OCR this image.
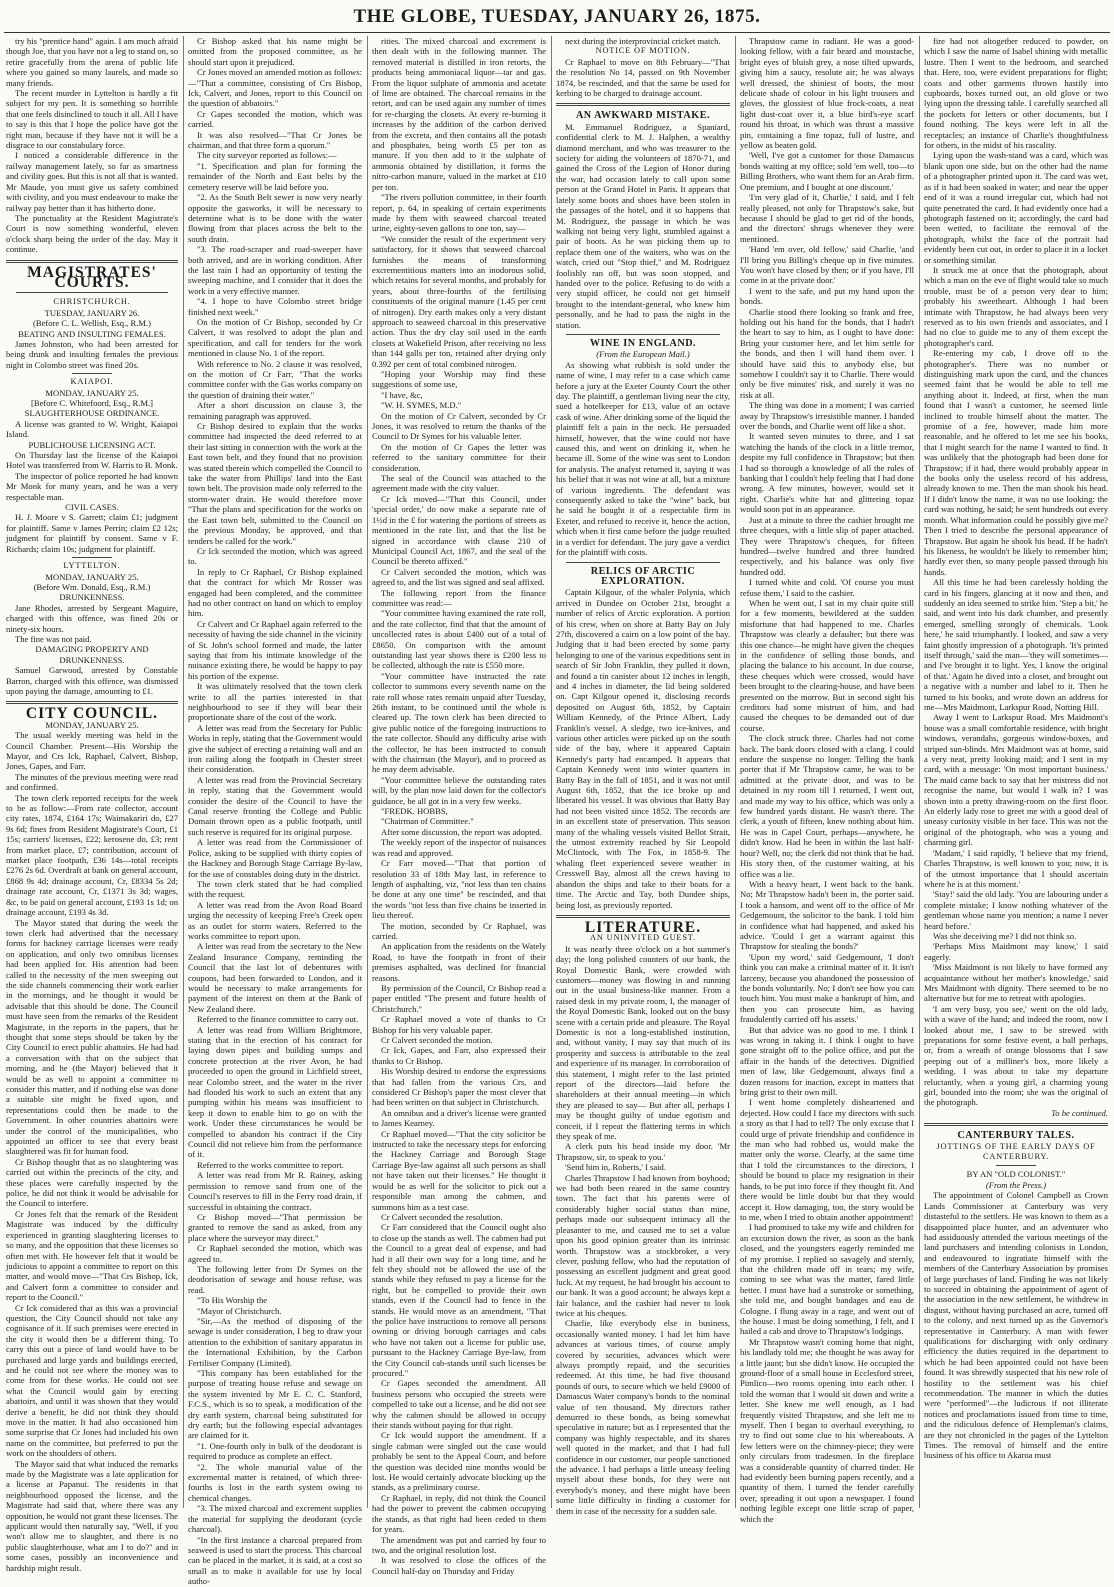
THE GLOBE, TUESDAY, JANUARY 26, 1875.

try his "prentice hand" again. I am much afraid though Joe, that you have not a leg to stand on, so retire gracefully from the arena of public life where you gained so many laurels, and made so many friends.

The recent murder in Lyttelton is hardly a fit subject for my pen. It is something so horrible that one feels disinclined to touch it all. All I have to say is this that I hope the police have got the right man, because if they have not it will be a disgrace to our constabulary force.

I noticed a considerable difference in the railway management lately, so far as smartness and civility goes. But this is not all that is wanted. Mr Maude, you must give us safety combined with civility, and you must endeavour to make the railway pay better than it has hitherto done.

The punctuality at the Resident Magistrate's Court is now something wonderful, eleven o'clock sharp being the order of the day. May it continue.

MAGISTRATES' COURTS.

CHRISTCHURCH.

TUESDAY, JANUARY 26.

(Before C. L. Wellish, Esq., R.M.)

BEATING AND INSULTING FEMALES.

James Johnston, who had been arrested for being drunk and insulting females the previous night in Colombo street was fined 20s.

KAIAPOI.

MONDAY, JANUARY 25.

[Before C. Whitefoord, Esq., R.M.]

SLAUGHTERHOUSE ORDINANCE.

A license was granted to W. Wright, Kaiapoi Island.

PUBLICHOUSE LICENSING ACT.

On Thursday last the license of the Kaiapoi Hotel was transferred from W. Harris to B. Monk.

The inspector of police reported he had known Mr Monk for many years, and he was a very respectable man.

CIVIL CASES.

H. J. Moore v S. Garrett; claim £1; judgment for plaintiff. Same v James Perrin; claim £2 12s; judgment for plaintiff by consent. Same v F. Richards; claim 10s; judgment for plaintiff.

LYTTELTON.

MONDAY, JANUARY 25.

(Before Wm. Donald, Esq., R.M.)

DRUNKENNESS.

Jane Rhodes, arrested by Sergeant Maguire, charged with this offence, was fined 20s or ninety-six hours.

The fine was not paid.

DAMAGING PROPERTY AND DRUNKENNESS.

Samuel Garwood, arrested by Constable Barron, charged with this offence, was dismissed upon paying the damage, amounting to £1.

CITY COUNCIL.

MONDAY, JANUARY 25.

The usual weekly meeting was held in the Council Chamber. Present—His Worship the Mayor, and Crs Ick, Raphael, Calvert, Bishop, Jones, Gapes, and Farr.

The minutes of the previous meeting were read and confirmed.

The town clerk reported receipts for the week to be as follow:—From rate collector, account city rates, 1874, £164 17s; Waimakariri do, £27 9s 6d; fines from Resident Magistrate's Court, £1 15s; carriers' licenses, £22; kerosene do, £3; rent from market place, £7; contribution, account of market place footpath, £36 14s—total receipts £276 2s 6d. Overdraft at bank on general account, £868 9s 4d; drainage account, Cr, £8334 5s 2d; drainage rate account, Cr, £1371 3s 3d; wages, &c, to be paid on general account, £193 1s 1d; on drainage account, £193 4s 3d.

The Mayor stated that during the week the town clerk had advertised that the necessary forms for hackney carriage licenses were ready on application, and only two omnibus licenses had been applied for. His attention had been called to the necessity of the men sweeping out the side channels commencing their work earlier in the mornings, and he thought it would be advisable that this should be done. The Council must have seen from the remarks of the Resident Magistrate, in the reports in the papers, that he thought that some steps should be taken by the City Council to erect public abattoirs. He had had a conversation with that on the subject that morning, and he (the Mayor) believed that it would be as well to appoint a committee to consider this matter, and if nothing else was done a suitable site might be fixed upon, and representations could then be made to the Government. In other countries abattoirs were under the control of the municipalities, who appointed an officer to see that every beast slaughtered was fit for human food.

Cr Bishop thought that as no slaughtering was carried out within the precincts of the city, and these places were carefully inspected by the police, he did not think it would be advisable for the Council to interfere.

Cr Jones felt that the remark of the Resident Magistrate was induced by the difficulty experienced in granting slaughtering licenses to so many, and the opposition that these licenses so often met with. He however felt that it would be judicious to appoint a committee to report on this matter, and would move—"That Crs Bishop, Ick, and Calvert form a committee to consider and report to the Council."

Cr Ick considered that as this was a provincial question, the City Council should not take any cognisance of it. If such premises were erected in the city it would then be a different thing. To carry this out a piece of land would have to be purchased and large yards and buildings erected, and he could not see where the money was to come from for these works. He could not see what the Council would gain by erecting abattoirs, and until it was shown that they would derive a benefit, he did not think they should move in the matter. It had also occasioned him some surprise that Cr Jones had included his own name on the committee, but preferred to put the work on the shoulders of others.

The Mayor said that what induced the remarks made by the Magistrate was a late application for a license at Papanui. The residents in that neighbourhood opposed the license, and the Magistrate had said that, where there was any opposition, he would not grant these licenses. The applicant would then naturally say, "Well, if you won't allow me to slaughter, and there is no public slaughterhouse, what am I to do?" and in some cases, possibly an inconvenience and hardship might result.

Cr Bishop asked that his name might be omitted from the proposed committee, as he should start upon it prejudiced.

Cr Jones moved an amended motion as follows:—"That a committee, consisting of Crs Bishop, Ick, Calvert, and Jones, report to this Council on the question of abbatoirs."

Cr Gapes seconded the motion, which was carried.

It was also resolved—"That Cr Jones be chairman, and that three form a quorum."

The city surveyor reported as follows:—

"1. Specification and plan for forming the remainder of the North and East belts by the cemetery reserve will be laid before you.

"2. As the South Belt sewer is now very nearly opposite the gasworks, it will be necessary to determine what is to be done with the water flowing from that places across the belt to the south drain.

"3. The road-scraper and road-sweeper have both arrived, and are in working condition. After the last rain I had an opportunity of testing the sweeping machine, and I consider that it does the work in a very effective manner.

"4. I hope to have Colombo street bridge finished next week."

On the motion of Cr Bishop, seconded by Cr Calvert, it was resolved to adopt the plan and specification, and call for tenders for the work mentioned in clause No. 1 of the report.

With reference to No. 2 clause it was resolved, on the motion of Cr Farr, "That the works committee confer with the Gas works company on the question of draining their water."

After a short discussion on clause 3, the remaining paragraph was approved.

Cr Bishop desired to explain that the works committee had inspected the deed referred to at their last sitting in connection with the work at the East town belt, and they found that no provision was stated therein which compelled the Council to take the water from Phillips' land into the East town belt. The provision made only referred to the storm-water drain. He would therefore move "That the plans and specification for the works on the East town belt, submitted to the Council on the previous Monday, be approved, and that tenders be called for the work."

Cr Ick seconded the motion, which was agreed to.

In reply to Cr Raphael, Cr Bishop explained that the contract for which Mr Rosser was engaged had been completed, and the committee had no other contract on hand on which to employ him.

Cr Calvert and Cr Raphael again referred to the necessity of having the side channel in the vicinity of St. John's school formed and made, the latter saying that from his intimate knowledge of the nuisance existing there, he would be happy to pay his portion of the expense.

It was ultimately resolved that the town clerk write to all the parties interested in that neighbourhood to see if they will bear their proportionate share of the cost of the work.

A letter was read from the Secretary for Public Works in reply, stating that the Government would give the subject of erecting a retaining wall and an iron railing along the footpath in Chester street their consideration.

A letter was read from the Provincial Secretary in reply, stating that the Government would consider the desire of the Council to have the Canal reserve fronting the College and Public Domain thrown open as a public footpath, until such reserve is required for its original purpose.

A letter was read from the Commissioner of Police, asking to be supplied with thirty copies of the Hackney and Borough Stage Carriage By-law, for the use of constables doing duty in the district.

The town clerk stated that he had complied with the request.

A letter was read from the Avon Road Board urging the necessity of keeping Free's Creek open as an outlet for storm waters. Referred to the works committee to report upon.

A letter was read from the secretary to the New Zealand Insurance Company, reminding the Council that the last lot of debentures with coupons, had been forwarded to London, and it would be necessary to make arrangements for payment of the interest on them at the Bank of New Zealand there.

Referred to the finance committee to carry out.

A letter was read from William Brightmore, stating that in the erection of his contract for laying down pipes and building sumps and concrete protection at the river Avon, he had proceeded to open the ground in Lichfield street, near Colombo street, and the water in the river had flooded his work to such an extent that any pumping within his means was insufficient to keep it down to enable him to go on with the work. Under these circumstances he would be compelled to abandon his contract if the City Council did not relieve him from the performance of it.

Referred to the works committee to report.

A letter was read from Mr R. Rainey, asking permission to remove sand from one of the Council's reserves to fill in the Ferry road drain, if successful in obtaining the contract.

Cr Bishop moved—"That permission be granted to remove the sand as asked, from any place where the surveyor may direct."

Cr Raphael seconded the motion, which was agreed to.

The following letter from Dr Symes on the deodorisation of sewage and house refuse, was read.

"To His Worship the

"Mayor of Christchurch.

"Sir,—As the method of disposing of the sewage is under consideration, I beg to draw your attention to the exhibition of sanitary apparatus in the International Exhibition, by the Carbon Fertiliser Company (Limited).

"This company has been established for the purpose of treating house refuse and sewage on the system invented by Mr E. C. C. Stanford, F.C.S., which is so to speak, a modification of the dry earth system, charcoal being substituted for dry earth; but the following especial advantages are claimed for it.

"1. One-fourth only in bulk of the deodorant is required to produce as complete an effect.

"2. The whole manurial value of the excremental matter is retained, of which three-fourths is lost in the earth system owing to chemical changes.

"3. The mixed charcoal and excrement supplies the material for supplying the deodorant (cycle charcoal).

"In the first instance a charcoal prepared from seaweed is used to start the process. This charcoal can be placed in the market, it is said, at a cost so small as to make it available for use by local autho-

rities. The mixed charcoal and excrement is then dealt with in the following manner. The removed material is distilled in iron retorts, the products being ammoniacal liquor—tar and gas. From the liquor sulphate of ammonia and acetate of lime are obtained. The charcoal remains in the retort, and can be used again any number of times for re-charging the closets. At every re-burning it increases by the addition of the carbon derived from the excreta, and then contains all the potash and phosphates, being worth £5 per ton as manure. If you then add to it the sulphate of ammonia obtained by distillation, it forms the nitro-carbon manure, valued in the market at £10 per ton.

"The rivers pollution committee, in their fourth report, p. 64, in speaking of certain experiments made by them with seaweed charcoal treated urine, eighty-seven gallons to one ton, say—

"We consider the result of the experiment very satisfactory, for it shows that seaweed charcoal furnishes the means of transforming excrementitious matters into an inodorous solid, which retains for several months, and probably for years, about three-fourths of the fertilising constituents of the original manure (1.45 per cent of nitrogen). Dry earth makes only a very distant approach to seaweed charcoal in this preservative action. Thus the dry clay soil used in the earth closets at Wakefield Prison, after receiving no less than 144 galls per ton, retained after drying only 0.392 per cent of total combined nitrogen.

"Hoping your Worship may find these suggestions of some use,

"I have, &c,

"W. H. SYMES, M.D."

On the motion of Cr Calvert, seconded by Cr Jones, it was resolved to return the thanks of the Council to Dr Symes for his valuable letter.

On the motion of Cr Gapes the letter was referred to the sanitary committee for their consideration.

The seal of the Council was attached to the agreement made with the city valuer.

Cr Ick moved—"That this Council, under 'special order,' do now make a separate rate of 1½d in the £ for watering the portions of streets as mentioned in the rate list, and that the list be signed in accordance with clause 210 of Municipal Council Act, 1867, and the seal of the Council be thereto affixed."

Cr Calvert seconded the motion, which was agreed to, and the list was signed and seal affixed.

The following report from the finance committee was read:—

"Your committee having examined the rate roll, and the rate collector, find that that the amount of uncollected rates is about £400 out of a total of £8650. On comparison with the amount outstanding last year shows there is £200 less to be collected, although the rate is £550 more.

"Your committee have instructed the rate collector to summons every seventh name on the rate roll whose rates remain unpaid after Tuesday, 26th instant, to be continued until the whole is cleared up. The town clerk has been directed to give public notice of the foregoing instructions to the rate collector. Should any difficulty arise with the collector, he has been instructed to consult with the chairman (the Mayor), and to proceed as he may deem advisable.

"Your committee believe the outstanding rates will, by the plan now laid down for the collector's guidance, be all got in in a very few weeks.

"FREDK. HOBBS,

"Chairman of Committee."

After some discussion, the report was adopted.

The weekly report of the inspector of nuisances was read and approved.

Cr Farr moved—"That that portion of resolution 33 of 18th May last, in reference to length of asphalting, viz, "not less than ten chains be done at any one time" be rescinded, and that the words "not less than five chains be inserted in lieu thereof.

The motion, seconded by Cr Raphael, was carried.

An application from the residents on the Wately Road, to have the footpath in front of their premises asphalted, was declined for financial reasons.

By permission of the Council, Cr Bishop read a paper entitled "The present and future health of Christchurch."

Cr Raphael moved a vote of thanks to Cr Bishop for his very valuable paper.

Cr Calvert seconded the motion.

Cr Ick, Gapes, and Farr, also expressed their thanks to Cr Bishop.

His Worship desired to endorse the expressions that had fallen from the various Crs, and considered Cr Bishop's paper the most clever that had been written on that subject in Christchurch.

An omnibus and a driver's license were granted to James Kearney.

Cr Raphael moved—"That the city solicitor be instructed to take the necessary steps for enforcing the Hackney Carriage and Borough Stage Carriage Bye-law against all such persons as shall not have taken out their licenses." He thought it would be as well for the solicitor to pick out a responsible man among the cabmen, and summons him as a test case.

Cr Calvert seconded the resolution.

Cr Farr considered that the Council ought also to close up the stands as well. The cabmen had put the Council to a great deal of expense, and had had it all their own way for a long time, and he felt they should not be allowed the use of the stands while they refused to pay a license for the right, but be compelled to provide their own stands, even if the Council had to fence in the stands. He would move as an amendment, "That the police have instructions to remove all persons owning or driving borough carriages and cabs who have not taken out a license for public use, pursuant to the Hackney Carriage Bye-law, from the City Council cab-stands until such licenses be procured."

Cr Gapes seconded the amendment. All business persons who occupied the streets were compelled to take out a license, and he did not see why the cabmen should be allowed to occupy their stands without paying for that right.

Cr Ick would support the amendment. If a single cabman were singled out the case would probably be sent to the Appeal Court, and before the question was decided nine months would be lost. He would certainly advocate blocking up the stands, as a preliminary course.

Cr Raphael, in reply, did not think the Council had the power to prevent the cabmen occupying the stands, as that right had been ceded to them for years.

The amendment was put and carried by four to two, and the original resolution lost.

It was resolved to close the offices of the Council half-day on Thursday and Friday

next during the interprovincial cricket match.

NOTICE OF MOTION.

Cr Raphael to move on 8th February—"That the resolution No 14, passed on 9th November 1874, be rescinded, and that the same be used for kerbing to be charged to drainage account.

AN AWKWARD MISTAKE.

M. Emmanuel Rodriguez, a Spaniard, confidential clerk to M. J. Halphen, a wealthy diamond merchant, and who was treasurer to the society for aiding the volunteers of 1870-71, and gained the Cross of the Legion of Honor during the war, had occasion lately to call upon some person at the Grand Hotel in Paris. It appears that lately some boots and shoes have been stolen in the passages of the hotel, and it so happens that M. Rodriguez, the passage in which he was walking not being very light, stumbled against a pair of boots. As he was picking them up to replace them one of the waiters, who was on the watch, cried out "Stop thief," and M. Rodriguez foolishly ran off, but was soon stopped, and handed over to the police. Refusing to do with a very stupid officer, he could not get himself brought to the intendant-general, who knew him personally, and he had to pass the night in the station.

WINE IN ENGLAND.

(From the European Mail.)

As showing what rubbish is sold under the name of wine, I may refer to a case which came before a jury at the Exeter County Court the other day. The plaintiff, a gentleman living near the city, sued a hotelkeeper for £13, value of an octave cask of wine. After drinking some of the liquid the plaintiff felt a pain in the neck. He persuaded himself, however, that the wine could not have caused this, and went on drinking it, when he became ill. Some of the wine was sent to London for analysis. The analyst returned it, saying it was his belief that it was not wine at all, but a mixture of various ingredients. The defendant was consequently asked to take the "wine" back, but he said he bought it of a respectable firm in Exeter, and refused to receive it, hence the action, which when it first came before the judge resulted in a verdict for defendant. The jury gave a verdict for the plaintiff with costs.

RELICS OF ARCTIC EXPLORATION.

Captain Kilgour, of the whaler Polynia, which arrived in Dundee on October 21st, brought a number of relics of Arctic exploration. A portion of his crew, when on shore at Batty Bay on July 27th, discovered a cairn on a low point of the bay. Judging that it had been erected by some party belonging to one of the various expeditions sent in search of Sir John Franklin, they pulled it down, and found a tin canister about 12 inches in length, and 4 inches in diameter, the lid being soldered on. Capt Kilgour opened it, disclosing records deposited on August 6th, 1852, by Captain William Kennedy, of the Prince Albert, Lady Franklin's vessel. A sledge, two ice-knives, and various other articles were picked up on the south side of the bay, where it appeared Captain Kennedy's party had encamped. It appears that Captain Kennedy went into winter quarters in Batty Bay in the fall of 1851, and it was not until August 6th, 1852, that the ice broke up and liberated his vessel. It was obvious that Batty Bay had not been visited since 1852. The records are in an excellent state of preservation. This season many of the whaling vessels visited Bellot Strait, the utmost extremity reached by Sir Leopold McClintock, with The Fox, in 1858-9. The whaling fleet experienced severe weather in Cresswell Bay, almost all the crews having to abandon the ships and take to their boats for a time. The Arctic and Tay, both Dundee ships, being lost, as previously reported.

LITERATURE.

AN UNINVITED GUEST.

It was nearly three o'clock on a hot summer's day; the long polished counters of our bank, the Royal Domestic Bank, were crowded with customers—money was flowing in and running out in the usual business-like manner. From a raised desk in my private room, I, the manager of the Royal Domestic Bank, looked out on the busy scene with a certain pride and pleasure. The Royal Domestic is not a long-established institution, and, without vanity, I may say that much of its prosperity and success is attributable to the zeal and experience of its manager. In corroboration of this statement, I might refer to the last printed report of the directors—laid before the shareholders at their annual meeting—in which they are pleased to say— But after all, perhaps I may be thought guilty of undue egotism and conceit, if I repeat the flattering terms in which they speak of me.

A clerk puts his head inside my door. 'Mr Thrapstow, sir, to speak to you.'

'Send him in, Roberts,' I said.

Charles Thrapstow I had known from boyhood; we had both been reared in the same country town. The fact that his parents were of considerably higher social status than mine, perhaps made our subsequent intimacy all the pleasanter to me, and caused me to set a value upon his good opinion greater than its intrinsic worth. Thrapstow was a stockbroker, a very clever, pushing fellow, who had the reputation of possessing an excellent judgment and great good luck. At my request, he had brought his account to our bank. It was a good account; he always kept a fair balance, and the cashier had never to look twice at his cheques.

Charlie, like everybody else in business, occasionally wanted money. I had let him have advances at various times, of course amply covered by securities, advances which were always promptly repaid, and the securities redeemed. At this time, he had five thousand pounds of ours, to secure which we held £9000 of Damascus Water company's bonds to the nominal value of ten thousand. My directors rather demurred to these bonds, as being somewhat speculative in nature; but as I represented that the company was highly respectable, and its shares well quoted in the market, and that I had full confidence in our customer, our people sanctioned the advance. I had perhaps a little uneasy feeling myself about these bonds, for they were not everybody's money, and there might have been some little difficulty in finding a customer for them in case of the necessity for a sudden sale.

Thrapstow came in radiant. He was a good-looking fellow, with a fair beard and moustache, bright eyes of bluish grey, a nose tilted upwards, giving him a saucy, resolute air; he was always well dressed, the shiniest of boots, the most delicate shade of colour in his light trousers and gloves, the glossiest of blue frock-coats, a neat light dust-coat over it, a blue bird's-eye scarf round his throat, in which was thrust a massive pin, containing a fine topaz, full of lustre, and yellow as beaten gold.

'Well, I've got a customer for those Damascus bonds waiting at my office; sold 'em well, too—to Billing Brothers, who want them for an Arab firm. One premium, and I bought at one discount.'

'I'm very glad of it, Charlie,' I said, and I felt really pleased, not only for Thrapstow's sake, but because I should be glad to get rid of the bonds, and the directors' shrugs whenever they were mentioned.

'Hand 'em over, old fellow,' said Charlie, 'and I'll bring you Billing's cheque up in five minutes. You won't have closed by then; or if you have, I'll come in at the private door.'

I went to the safe, and put my hand upon the bonds.

Charlie stood there looking so frank and free, holding out his hand for the bonds, that I hadn't the heart to say to him, as I ought to have done: Bring your customer here, and let him settle for the bonds, and then I will hand them over. I should have said this to anybody else, but somehow I couldn't say it to Charlie. There would only be five minutes' risk, and surely it was no risk at all.

The thing was done in a moment; I was carried away by Thrapstow's irresistible manner. I handed over the bonds, and Charlie went off like a shot.

It wanted seven minutes to three, and I sat watching the hands of the clock in a little tremor, despite my full confidence in Thrapstow; but then I had so thorough a knowledge of all the rules of banking that I couldn't help feeling that I had done wrong. A few minutes, however, would set it right. Charlie's white hat and glittering topaz would soon put in an appearance.

Just at a minute to three the cashier brought me three cheques, with a little slip of paper attached. They were Thrapstow's cheques, for fifteen hundred—twelve hundred and three hundred respectively, and his balance was only five hundred odd.

I turned white and cold. 'Of course you must refuse them,' I said to the cashier.

When he went out, I sat in my chair quite still for a few moments, bewildered at the sudden misfortune that had happened to me. Charles Thrapstow was clearly a defaulter; but there was this one chance—he might have given the cheques in the confidence of selling those bonds, and placing the balance to his account. In due course, these cheques which were crossed, would have been brought to the clearing-house, and have been presented on the morrow. But in second sight his creditors had some mistrust of him, and had caused the cheques to be demanded out of due course.

The clock struck three. Charles had not come back. The bank doors closed with a clang. I could endure the suspense no longer. Telling the bank porter that if Mr Thrapstow came, he was to be admitted at the private door, and was to be detained in my room till I returned, I went out, and made my way to his office, which was only a few hundred yards distant. He wasn't there. The clerk, a youth of fifteen, knew nothing about him. He was in Capel Court, perhaps—anywhere, he didn't know. Had he been in within the last half-hour? Well, no; the clerk did not think that he had. His story then, of the customer waiting, at his office was a lie.

With a heavy heart, I went back to the bank. No; Mr Thrapstow hadn't been in, the porter said. I took a hansom, and went off to the office of Mr Gedgemount, the solicitor to the bank. I told him in confidence what had happened, and asked his advice. 'Could I get a warrant against this Thrapstow for stealing the bonds?'

'Upon my word,' said Gedgemount, 'I don't think you can make a criminal matter of it. It isn't larceny, because you abandoned the possession of the bonds voluntarily. No; I don't see how you can touch him. You must make a bankrupt of him, and then you can prosecute him, as having fraudulently carried off his assets.'

But that advice was no good to me. I think I was wrong in taking it. I think I ought to have gone straight off to the police office, and put the affair in the hands of the detectives. Dignified men of law, like Gedgemount, always find a dozen reasons for inaction, except in matters that bring grist to their own mill.

I went home completely disheartened and dejected. How could I face my directors with such a story as that I had to tell? The only excuse that I could urge of private friendship and confidence in the man who had robbed us, would make the matter only the worse. Clearly, at the same time that I told the circumstances to the directors, I should be bound to place my resignation in their hands, to be put into force if they thought fit. And there would be little doubt but that they would accept it. How damaging, too, the story would be to me, when I tried to obtain another appointment!

I had promised to take my wife and children for an excursion down the river, as soon as the bank closed, and the youngsters eagerly reminded me of my promise. I replied so savagely and sternly, that the children made off in tears; my wife, coming to see what was the matter, fared little better. I must have had a sunstroke or something, she told me, and bought bandages and eau de Cologne. I flung away in a rage, and went out of the house. I must be doing something, I felt, and I hailed a cab and drove to Thrapstow's lodgings.

Mr Thrapstow wasn't coming home that night, his landlady told me; she thought he was away for a little jaunt; but she didn't know. He occupied the ground-floor of a small house in Ecclesford street, Pimlico—two rooms opening into each other. I told the woman that I would sit down and write a letter. She knew me well enough, as I had frequently visited Thrapstow, and she left me to myself. Then I began to overhaul everything, to try to find out some clue to his whereabouts. A few letters were on the chimney-piece; they were only circulars from tradesmen. In the fireplace was a considerable quantity of charred tinder. He had evidently been burning papers recently, and a quantity of them. I turned the fender carefully over, spreading it out upon a newspaper. I found nothing legible except one little scrap of paper, which the

fire had not altogether reduced to powder, on which I saw the name of Isabel shining with metallic lustre. Then I went to the bedroom, and searched that. Here, too, were evident preparations for flight; coats and other garments thrown hastily into cupboards, boxes turned out, an old glove or two lying upon the dressing table. I carefully searched all the pockets for letters or other documents, but I found nothing. The keys were left in all the receptacles; an instance of Charlie's thoughtfulness for others, in the midst of his rascality.

Lying upon the wash-stand was a card, which was blank upon one side, but on the other had the name of a photographer printed upon it. The card was wet, as if it had been soaked in water; and near the upper end of it was a round irregular cut, which had not quite penetrated the card. It had evidently once had a photograph fastened on it; accordingly, the card had been wetted, to facilitate the removal of the photograph, whilst the face of the portrait had evidently been cut out, in order to place it in a locket or something similar.

It struck me at once that the photograph, about which a man on the eve of flight would take so much trouble, must be of a person very dear to him; probably his sweetheart. Although I had been intimate with Thrapstow, he had always been very reserved as to his own friends and associates, and I had no clue to guide me to any of them except the photographer's card.

Re-entering my cab, I drove off to the photographer's. There was no number or distinguishing mark upon the card, and the chances seemed faint that he would be able to tell me anything about it. Indeed, at first, when the man found that I wasn't a customer, he seemed little inclined to trouble himself about the matter. The promise of a fee, however, made him more reasonable, and he offered to let me see his books, that I might search for the name I wanted to find. It was unlikely that the photograph had been done for Thrapstow; if it had, there would probably appear in the books only the useless record of his address, already known to me. Then the man shook his head. If I didn't know the name, it was no use looking: the card was nothing, he said; he sent hundreds out every month. What information could he possibly give me? Then I tried to describe the personal appearance of Thrapstow. But again he shook his head. If he hadn't his likeness, he wouldn't be likely to remember him; hardly ever then, so many people passed through his hands.

All this time he had been carelessly holding the card in his fingers, glancing at it now and then, and suddenly an idea seemed to strike him. 'Step a bit,' he said, and went into his dark chamber, and presently emerged, smelling strongly of chemicals. 'Look here,' he said triumphantly. I looked, and saw a very faint ghostly impression of a photograph. 'It's printed itself through,' said the man—'they will sometimes—and I've brought it to light. Yes, I know the original of that.' Again he dived into a closet, and brought out a negative with a number and label to it. Then he turned to his books, and wrote down an address for me—Mrs Maidmont, Larkspur Road, Notting Hill.

Away I went to Larkspur Road. Mrs Maidmont's house was a small comfortable residence, with bright windows, verandahs, gorgeous window-boxes, and striped sun-blinds. Mrs Maidmont was at home, said a very neat, pretty looking maid; and I sent in my card, with a message: 'On most important business.' The maid came back to say that her mistress did not recognise the name, but would I walk in? I was shown into a pretty drawing-room on the first floor. An elderly lady rose to greet me with a good deal of uneasy curiosity visible in her face. This was not the original of the photograph, who was a young and charming girl.

'Madam,' I said rapidly, 'I believe that my friend, Charles Thrapstow, is well known to you; now, it is of the utmost importance that I should ascertain where he is at this moment.'

'Stay!' said the old lady. 'You are labouring under a complete mistake; I know nothing whatever of the gentleman whose name you mention; a name I never heard before.'

Was she deceiving me? I did not think so.

'Perhaps Miss Maidmont may know,' I said eagerly.

'Miss Maidmont is not likely to have formed any acquaintance without her mother's knowledge,' said Mrs Maidmont with dignity. There seemed to be no alternative but for me to retreat with apologies.

'I am very busy, you see,' went on the old lady, with a wave of the hand; and indeed the room, now I looked about me, I saw to be strewed with preparations for some festive event, a ball perhaps, or, from a wreath of orange blossoms that I saw peeping out of a milliner's box, more likely a wedding. I was about to take my departure reluctantly, when a young girl, a charming young girl, bounded into the room; she was the original of the photograph.

To be continued.

CANTERBURY TALES.

JOTTINGS OF THE EARLY DAYS OF CANTERBURY.

BY AN "OLD COLONIST."

(From the Press.)

The appointment of Colonel Campbell as Crown Lands Commissioner at Canterbury was very distasteful to the settlers. He was known to them as a disappointed place hunter, and an adventurer who had assiduously attended the various meetings of the land purchasers and intending colonists in London, and endeavoured to ingratiate himself with the members of the Canterbury Association by promises of large purchases of land. Finding he was not likely to succeed in obtaining the appointment of agent of the association in the new settlement, he withdrew in disgust, without having purchased an acre, turned off to the colony, and next turned up as the Governor's representative in Canterbury. A man with fewer qualifications for discharging with only ordinary efficiency the duties required in the department to which he had been appointed could not have been found. It was shrewdly suspected that his new role of hostility to the settlement was his chief recommendation. The manner in which the duties were "performed"—the ludicrous if not illiterate notices and proclamations issued from time to time, and the ridiculous defence of Hempleman's claims, are they not chronicled in the pages of the Lyttelton Times. The removal of himself and the entire business of his office to Akaroa must
